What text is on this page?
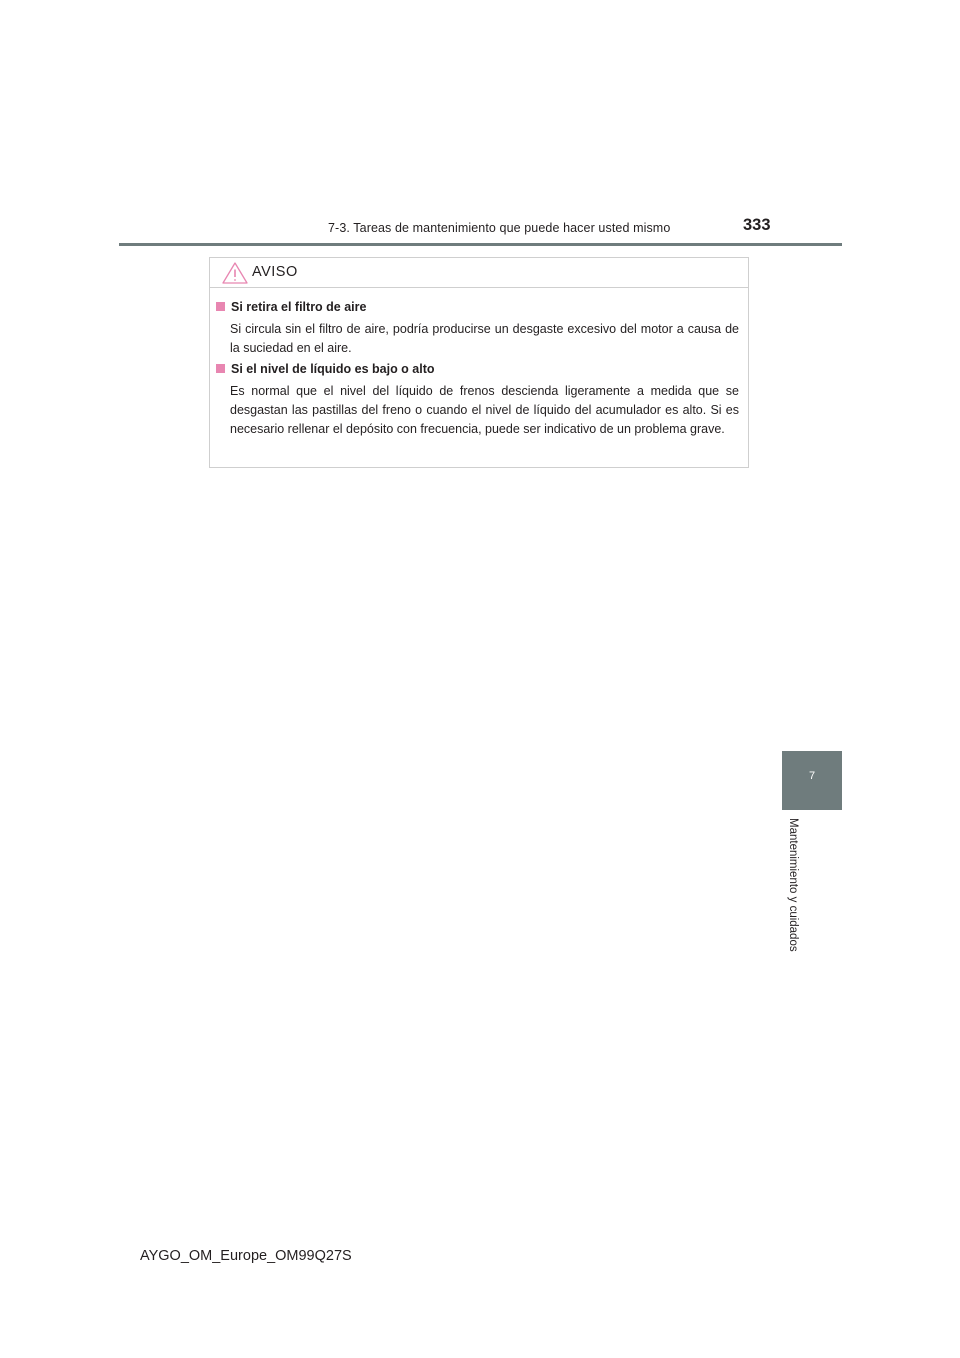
7-3. Tareas de mantenimiento que puede hacer usted mismo	333
AVISO
Si retira el filtro de aire
Si circula sin el filtro de aire, podría producirse un desgaste excesivo del motor a causa de la suciedad en el aire.
Si el nivel de líquido es bajo o alto
Es normal que el nivel del líquido de frenos descienda ligeramente a medida que se desgastan las pastillas del freno o cuando el nivel de líquido del acumulador es alto. Si es necesario rellenar el depósito con frecuencia, puede ser indicativo de un problema grave.
7
Mantenimiento y cuidados
AYGO_OM_Europe_OM99Q27S
